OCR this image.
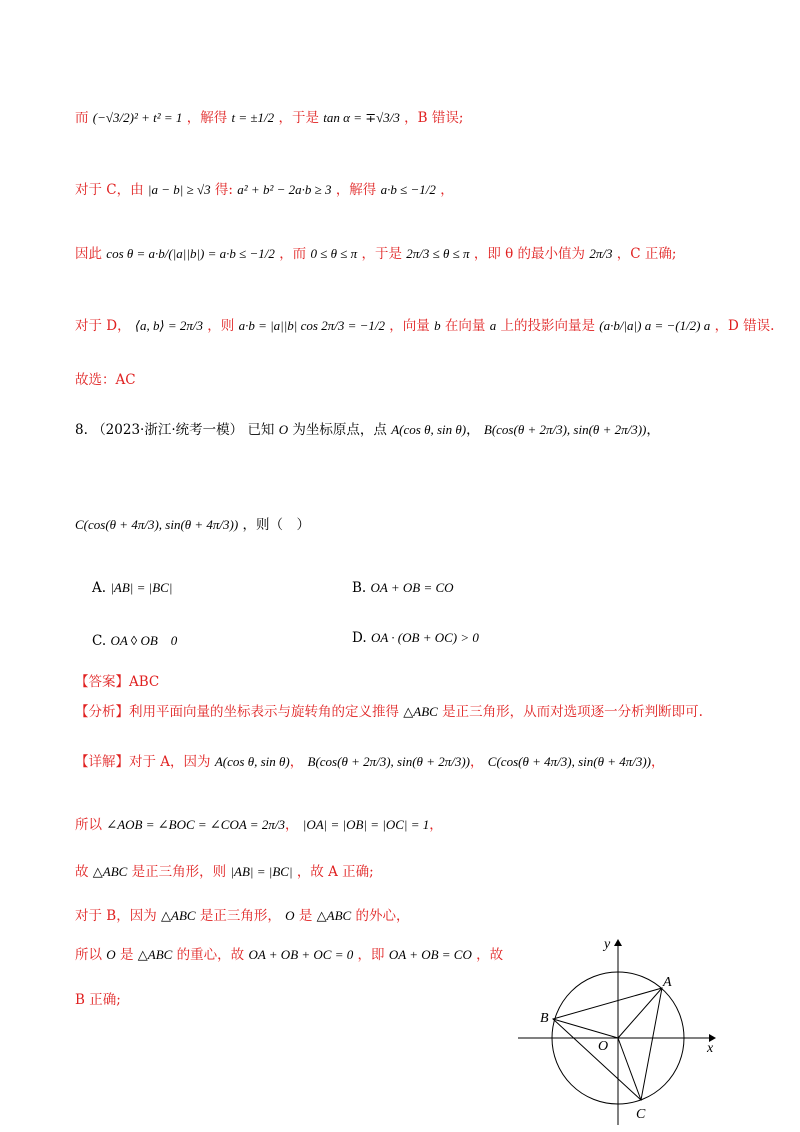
而 (−√3/2)² + t² = 1 ，解得 t = ±1/2 ，于是 tan α = ∓√3/3 ，B 错误;
对于 C，由 |a − b| ≥ √3 得: a² + b² − 2a·b ≥ 3 ，解得 a·b ≤ −1/2 ，
因此 cos θ = a·b/(|a||b|) = a·b ≤ −1/2 ，而 0 ≤ θ ≤ π ，于是 2π/3 ≤ θ ≤ π ，即 θ 的最小值为 2π/3 ，C 正确;
对于 D， ⟨a, b⟩ = 2π/3 ，则 a·b = |a||b| cos 2π/3 = −1/2 ，向量 b 在向量 a 上的投影向量是 (a·b/|a|) a = −(1/2) a ，D 错误.
故选：AC
8. （2023·浙江·统考一模） 已知 O 为坐标原点，点 A(cos θ, sin θ)， B(cos(θ + 2π/3), sin(θ + 2π/3))，
C(cos(θ + 4π/3), sin(θ + 4π/3)) ，则（　）
A. |AB| = |BC|	B. OA + OB = CO
C. OA ◊ OB　0	D. OA · (OB + OC) > 0
【答案】ABC
【分析】利用平面向量的坐标表示与旋转角的定义推得 △ABC 是正三角形，从而对选项逐一分析判断即可.
【详解】对于 A，因为 A(cos θ, sin θ)， B(cos(θ + 2π/3), sin(θ + 2π/3))， C(cos(θ + 4π/3), sin(θ + 4π/3))，
所以 ∠AOB = ∠BOC = ∠COA = 2π/3， |OA| = |OB| = |OC| = 1，
故 △ABC 是正三角形，则 |AB| = |BC| ，故 A 正确;
对于 B，因为 △ABC 是正三角形， O 是 △ABC 的外心，
所以 O 是 △ABC 的重心，故 OA + OB + OC = 0 ，即 OA + OB = CO ，故
B 正确;
A
B
C
O	x
y
